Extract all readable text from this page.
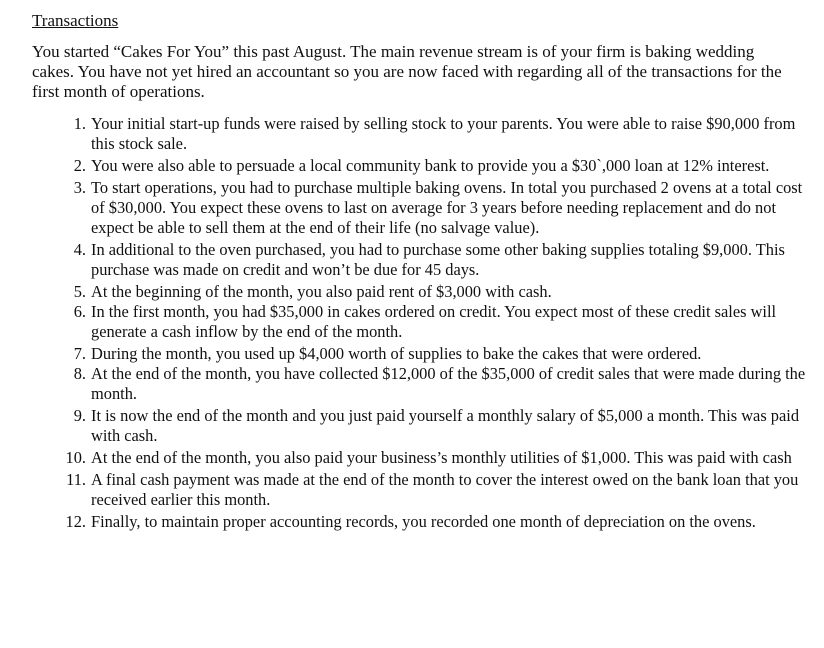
Transactions

You started “Cakes For You” this past August. The main revenue stream is of your firm is baking wedding cakes. You have not yet hired an accountant so you are now faced with regarding all of the transactions for the first month of operations.

1. Your initial start-up funds were raised by selling stock to your parents. You were able to raise $90,000 from this stock sale.
2. You were also able to persuade a local community bank to provide you a $30`,000 loan at 12% interest.
3. To start operations, you had to purchase multiple baking ovens. In total you purchased 2 ovens at a total cost of $30,000. You expect these ovens to last on average for 3 years before needing replacement and do not expect be able to sell them at the end of their life (no salvage value).
4. In additional to the oven purchased, you had to purchase some other baking supplies totaling $9,000. This purchase was made on credit and won’t be due for 45 days.
5. At the beginning of the month, you also paid rent of $3,000 with cash.
6. In the first month, you had $35,000 in cakes ordered on credit. You expect most of these credit sales will generate a cash inflow by the end of the month.
7. During the month, you used up $4,000 worth of supplies to bake the cakes that were ordered.
8. At the end of the month, you have collected $12,000 of the $35,000 of credit sales that were made during the month.
9. It is now the end of the month and you just paid yourself a monthly salary of $5,000 a month. This was paid with cash.
10. At the end of the month, you also paid your business’s monthly utilities of $1,000. This was paid with cash
11. A final cash payment was made at the end of the month to cover the interest owed on the bank loan that you received earlier this month.
12. Finally, to maintain proper accounting records, you recorded one month of depreciation on the ovens.
